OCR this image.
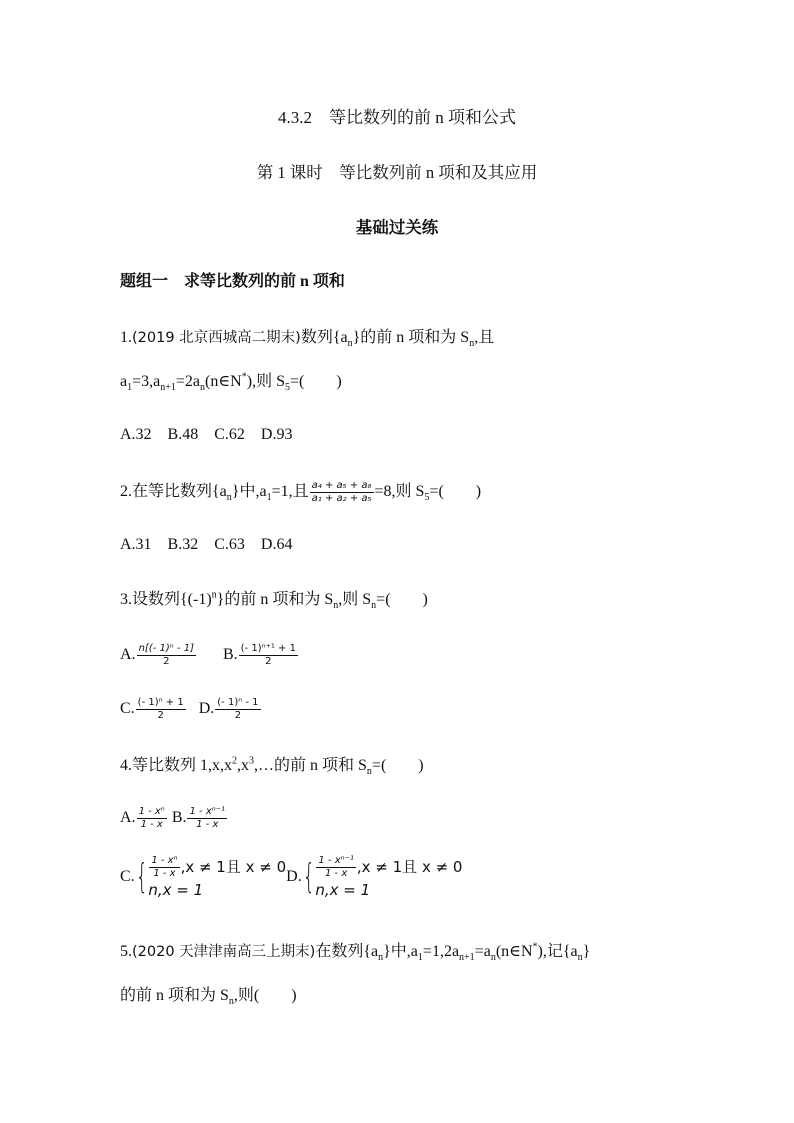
4.3.2　等比数列的前 n 项和公式
第 1 课时　等比数列前 n 项和及其应用
基础过关练
题组一　求等比数列的前 n 项和
1.(2019 北京西城高二期末)数列$\{a_n\}$的前 n 项和为 $S_n$,且
$a_1=3,a_{n+1}=2a_n(n\in N^*)$,则 $S_5=$(　　)
A.32　B.48　C.62　D.93
2.在等比数列$\{a_n\}$中$,a_1=1$,且 $\frac{\text{a₄ + a₅ + a₈}}{\text{a₁ + a₂ + a₅}} =8$,则 $S_5=$(　　)
A.31　B.32　C.63　D.64
3.设数列$\{(-1)^n\}$的前 n 项和为 $S_n$,则 $S_n=$(　　)
A. $\frac{\text{n[(- 1)ⁿ - 1]}}{2} B$. $\frac{\text{(- 1)ⁿ⁺¹ + 1}}{2}$
C. $\frac{\text{(- 1)ⁿ + 1}}{2} D$. $\frac{\text{(- 1)ⁿ - 1}}{2}$
4.等比数列 $1,x,x^2,x^3,\dots$的前 n 项和 $S_n=$(　　)
A. $\frac{\text{1 - xⁿ}}{1 - x} B$. $\frac{\text{1 - xⁿ⁻¹}}{1 - x}$
$C.\{ \frac{\text{1 - xⁿ}}{1 - x} ,x \ne 1$且 x ≠ 0
n,x = 1
$D.\{ \frac{\text{1 - xⁿ⁻¹}}{1 - x} ,x \ne 1$且 x ≠ 0
n,x = 1
5.(2020 天津津南高三上期末)在数列$\{a_n\}$中$,a_1=1,2a_{n+1}=a_n(n\in N^*)$,记$\{a_n\}$
的前 n 项和为 $S_n$,则(　　)
